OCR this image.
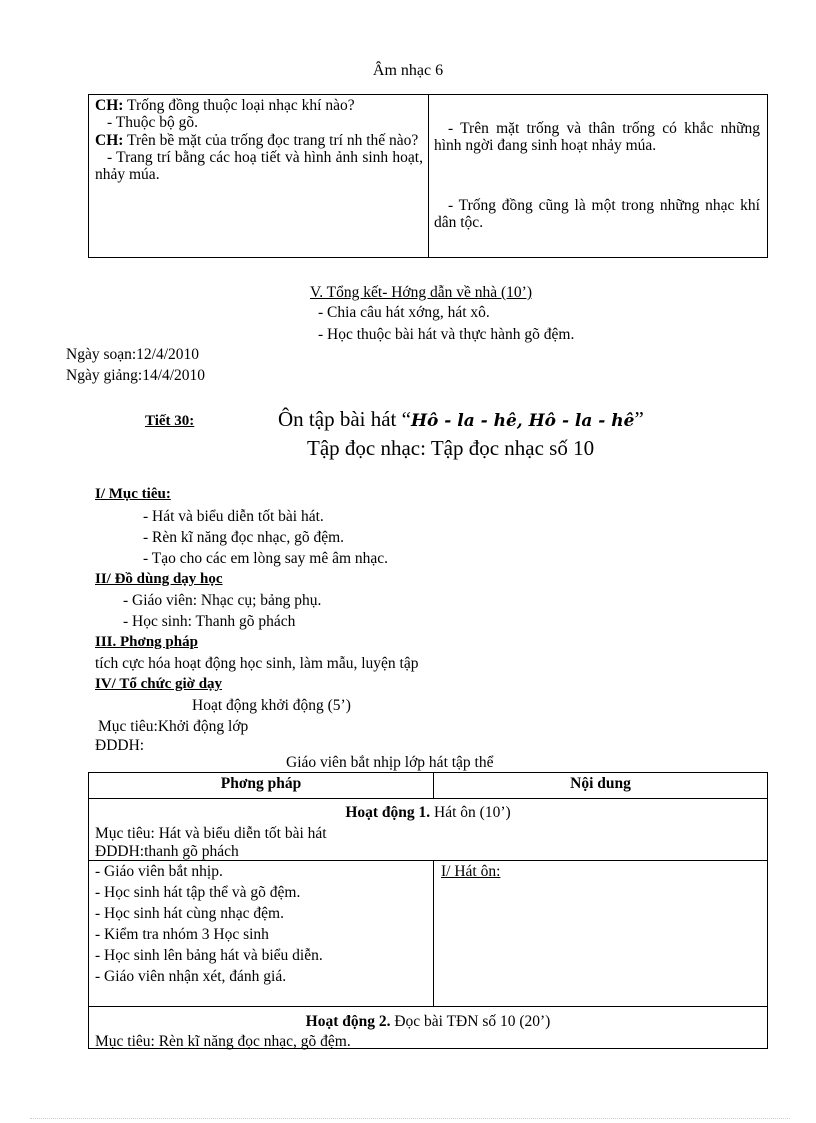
Âm nhạc 6
CH: Trống đồng thuộc loại nhạc khí nào?
- Thuộc bộ gõ.
CH: Trên bề mặt của trống đọc trang trí nh thế nào?
- Trang trí bằng các hoạ tiết và hình ảnh sinh hoạt, nhảy múa.
- Trên mặt trống và thân trống có khắc những hình ngời đang sinh hoạt nhảy múa.
- Trống đồng cũng là một trong những nhạc khí dân tộc.
V. Tổng kết- Hớng dẫn về nhà (10’)
- Chia câu hát xớng, hát xô.
- Học thuộc bài hát và thực hành gõ đệm.
Ngày soạn:12/4/2010
Ngày giảng:14/4/2010
Tiết 30:	Ôn tập bài hát “Hô - la - hê, Hô - la - hê”
Tập đọc nhạc: Tập đọc nhạc số 10
I/ Mục tiêu:
- Hát và biểu diễn tốt bài hát.
- Rèn kĩ năng đọc nhạc, gõ đệm.
- Tạo cho các em lòng say mê âm nhạc.
II/ Đồ dùng dạy học
- Giáo viên: Nhạc cụ; bảng phụ.
- Học sinh: Thanh gõ phách
III. Phơng pháp
tích cực hóa hoạt động học sinh, làm mẫu, luyện tập
IV/ Tổ chức giờ dạy
Hoạt động khởi động (5’)
Mục tiêu:Khởi động lớp
ĐDDH:
Giáo viên bắt nhịp lớp hát tập thể
Phơng pháp	Nội dung
Hoạt động 1. Hát ôn (10’)
Mục tiêu: Hát và biểu diễn tốt bài hát
ĐDDH:thanh gõ phách
- Giáo viên bắt nhịp.
- Học sinh hát tập thể và gõ đệm.
- Học sinh hát cùng nhạc đệm.
- Kiểm tra nhóm 3 Học sinh
- Học sinh lên bảng hát và biểu diễn.
- Giáo viên nhận xét, đánh giá.
I/ Hát ôn:
Hoạt động 2. Đọc bài TĐN số 10 (20’)
Mục tiêu: Rèn kĩ năng đọc nhạc, gõ đệm.
